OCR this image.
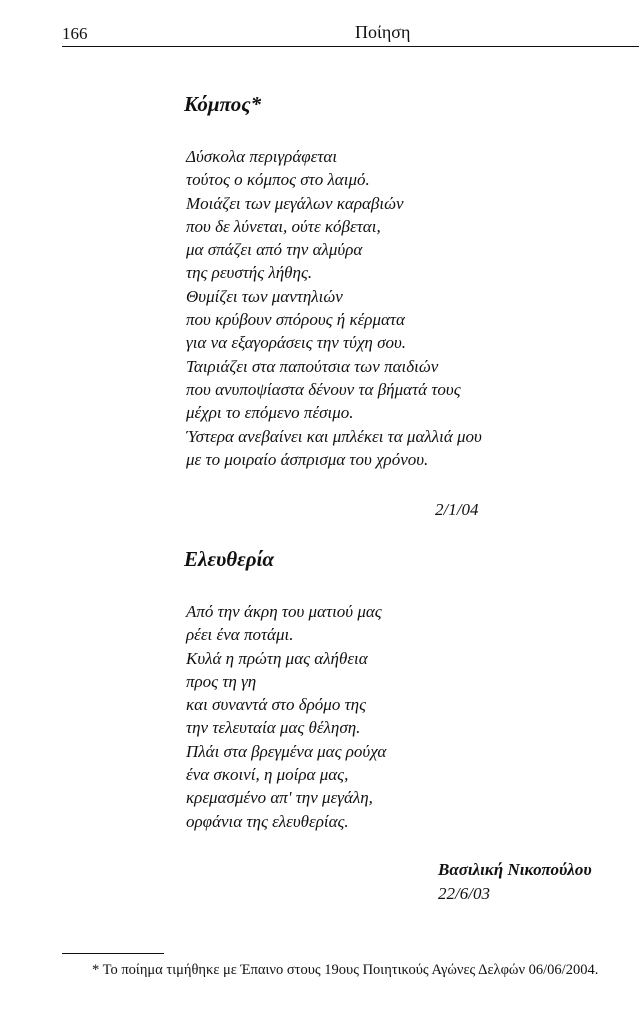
166	Ποίηση
Κόμπος*
Δύσκολα περιγράφεται
τούτος ο κόμπος στο λαιμό.
Μοιάζει των μεγάλων καραβιών
που δε λύνεται, ούτε κόβεται,
μα σπάζει από την αλμύρα
της ρευστής λήθης.
Θυμίζει των μαντηλιών
που κρύβουν σπόρους ή κέρματα
για να εξαγοράσεις την τύχη σου.
Ταιριάζει στα παπούτσια των παιδιών
που ανυποψίαστα δένουν τα βήματά τους
μέχρι το επόμενο πέσιμο.
Ύστερα ανεβαίνει και μπλέκει τα μαλλιά μου
με το μοιραίο άσπρισμα του χρόνου.
2/1/04
Ελευθερία
Από την άκρη του ματιού μας
ρέει ένα ποτάμι.
Κυλά η πρώτη μας αλήθεια
προς τη γη
και συναντά στο δρόμο της
την τελευταία μας θέληση.
Πλάι στα βρεγμένα μας ρούχα
ένα σκοινί, η μοίρα μας,
κρεμασμένο απ' την μεγάλη,
ορφάνια της ελευθερίας.
Βασιλική Νικοπούλου
22/6/03
* Το ποίημα τιμήθηκε με Έπαινο στους 19ους Ποιητικούς Αγώνες Δελφών 06/06/2004.
